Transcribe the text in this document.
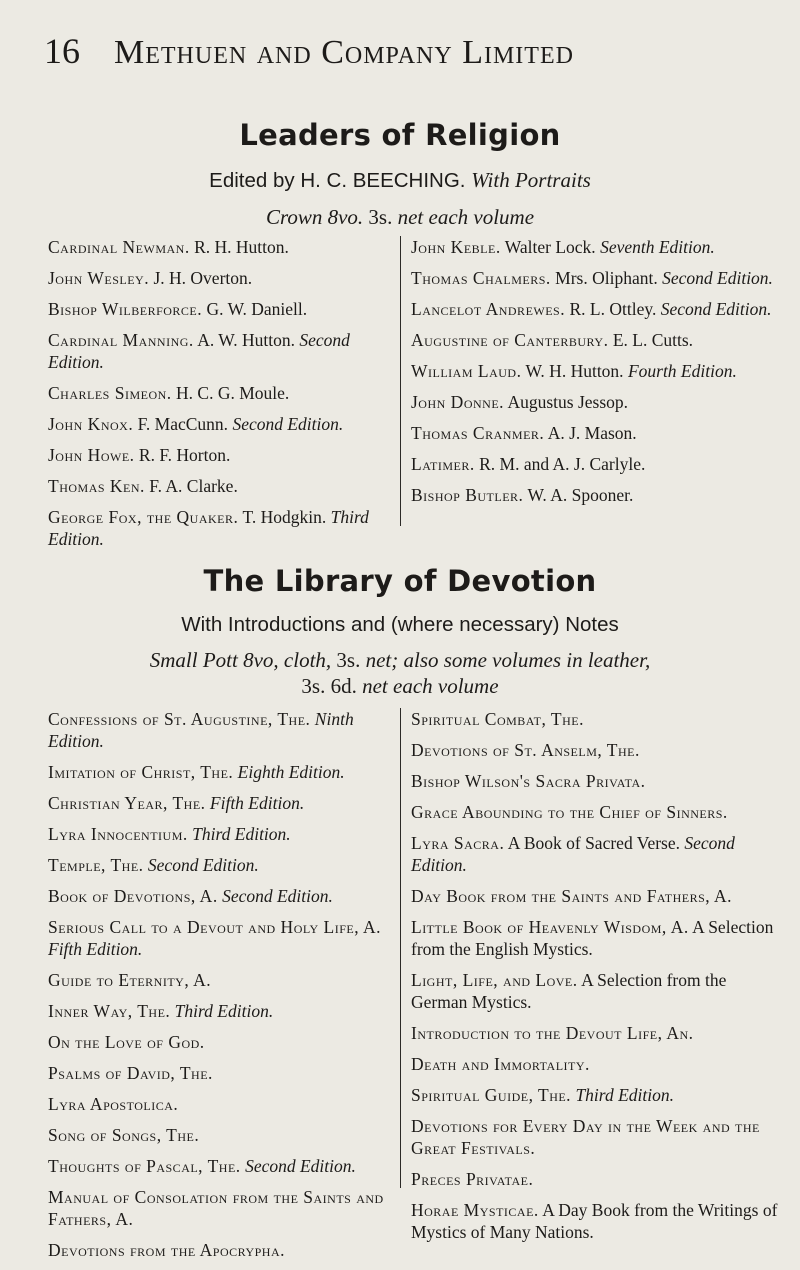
16 Methuen and Company Limited
Leaders of Religion
Edited by H. C. BEECHING. With Portraits
Crown 8vo. 3s. net each volume
Cardinal Newman. R. H. Hutton.
John Wesley. J. H. Overton.
Bishop Wilberforce. G. W. Daniell.
Cardinal Manning. A. W. Hutton. Second Edition.
Charles Simeon. H. C. G. Moule.
John Knox. F. MacCunn. Second Edition.
John Howe. R. F. Horton.
Thomas Ken. F. A. Clarke.
George Fox, the Quaker. T. Hodgkin. Third Edition.
John Keble. Walter Lock. Seventh Edition.
Thomas Chalmers. Mrs. Oliphant. Second Edition.
Lancelot Andrewes. R. L. Ottley. Second Edition.
Augustine of Canterbury. E. L. Cutts.
William Laud. W. H. Hutton. Fourth Edition.
John Donne. Augustus Jessop.
Thomas Cranmer. A. J. Mason.
Latimer. R. M. and A. J. Carlyle.
Bishop Butler. W. A. Spooner.
The Library of Devotion
With Introductions and (where necessary) Notes
Small Pott 8vo, cloth, 3s. net; also some volumes in leather,
3s. 6d. net each volume
Confessions of St. Augustine, The. Ninth Edition.
Imitation of Christ, The. Eighth Edition.
Christian Year, The. Fifth Edition.
Lyra Innocentium. Third Edition.
Temple, The. Second Edition.
Book of Devotions, A. Second Edition.
Serious Call to a Devout and Holy Life, A. Fifth Edition.
Guide to Eternity, A.
Inner Way, The. Third Edition.
On the Love of God.
Psalms of David, The.
Lyra Apostolica.
Song of Songs, The.
Thoughts of Pascal, The. Second Edition.
Manual of Consolation from the Saints and Fathers, A.
Devotions from the Apocrypha.
Spiritual Combat, The.
Devotions of St. Anselm, The.
Bishop Wilson's Sacra Privata.
Grace Abounding to the Chief of Sinners.
Lyra Sacra. A Book of Sacred Verse. Second Edition.
Day Book from the Saints and Fathers, A.
Little Book of Heavenly Wisdom, A. A Selection from the English Mystics.
Light, Life, and Love. A Selection from the German Mystics.
Introduction to the Devout Life, An.
Death and Immortality.
Spiritual Guide, The. Third Edition.
Devotions for Every Day in the Week and the Great Festivals.
Preces Privatae.
Horae Mysticae. A Day Book from the Writings of Mystics of Many Nations.
